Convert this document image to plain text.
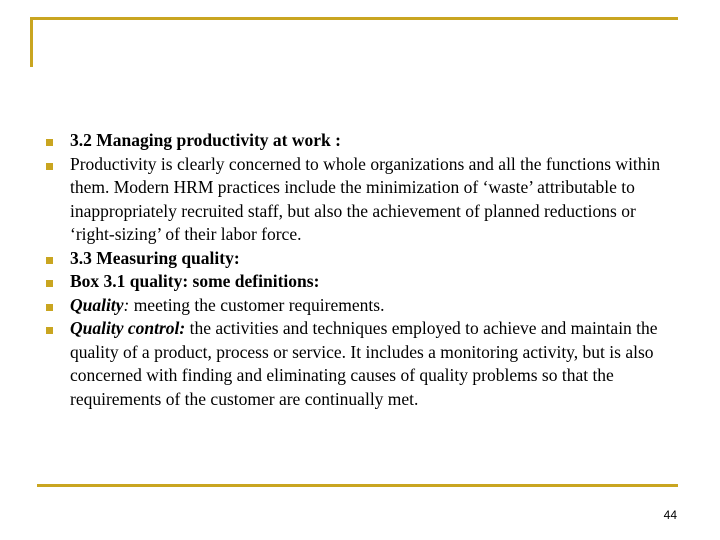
3.2 Managing productivity at work :
Productivity is clearly concerned to whole organizations and all the functions within them. Modern HRM practices include the minimization of ‘waste’ attributable to inappropriately recruited staff, but also the achievement of planned reductions or ‘right-sizing’ of their labor force.
3.3 Measuring quality:
Box 3.1 quality: some definitions:
Quality: meeting the customer requirements.
Quality control: the activities and techniques employed to achieve and maintain the quality of a product, process or service. It includes a monitoring activity, but is also concerned with finding and eliminating causes of quality problems so that the requirements of the customer are continually met.
44
